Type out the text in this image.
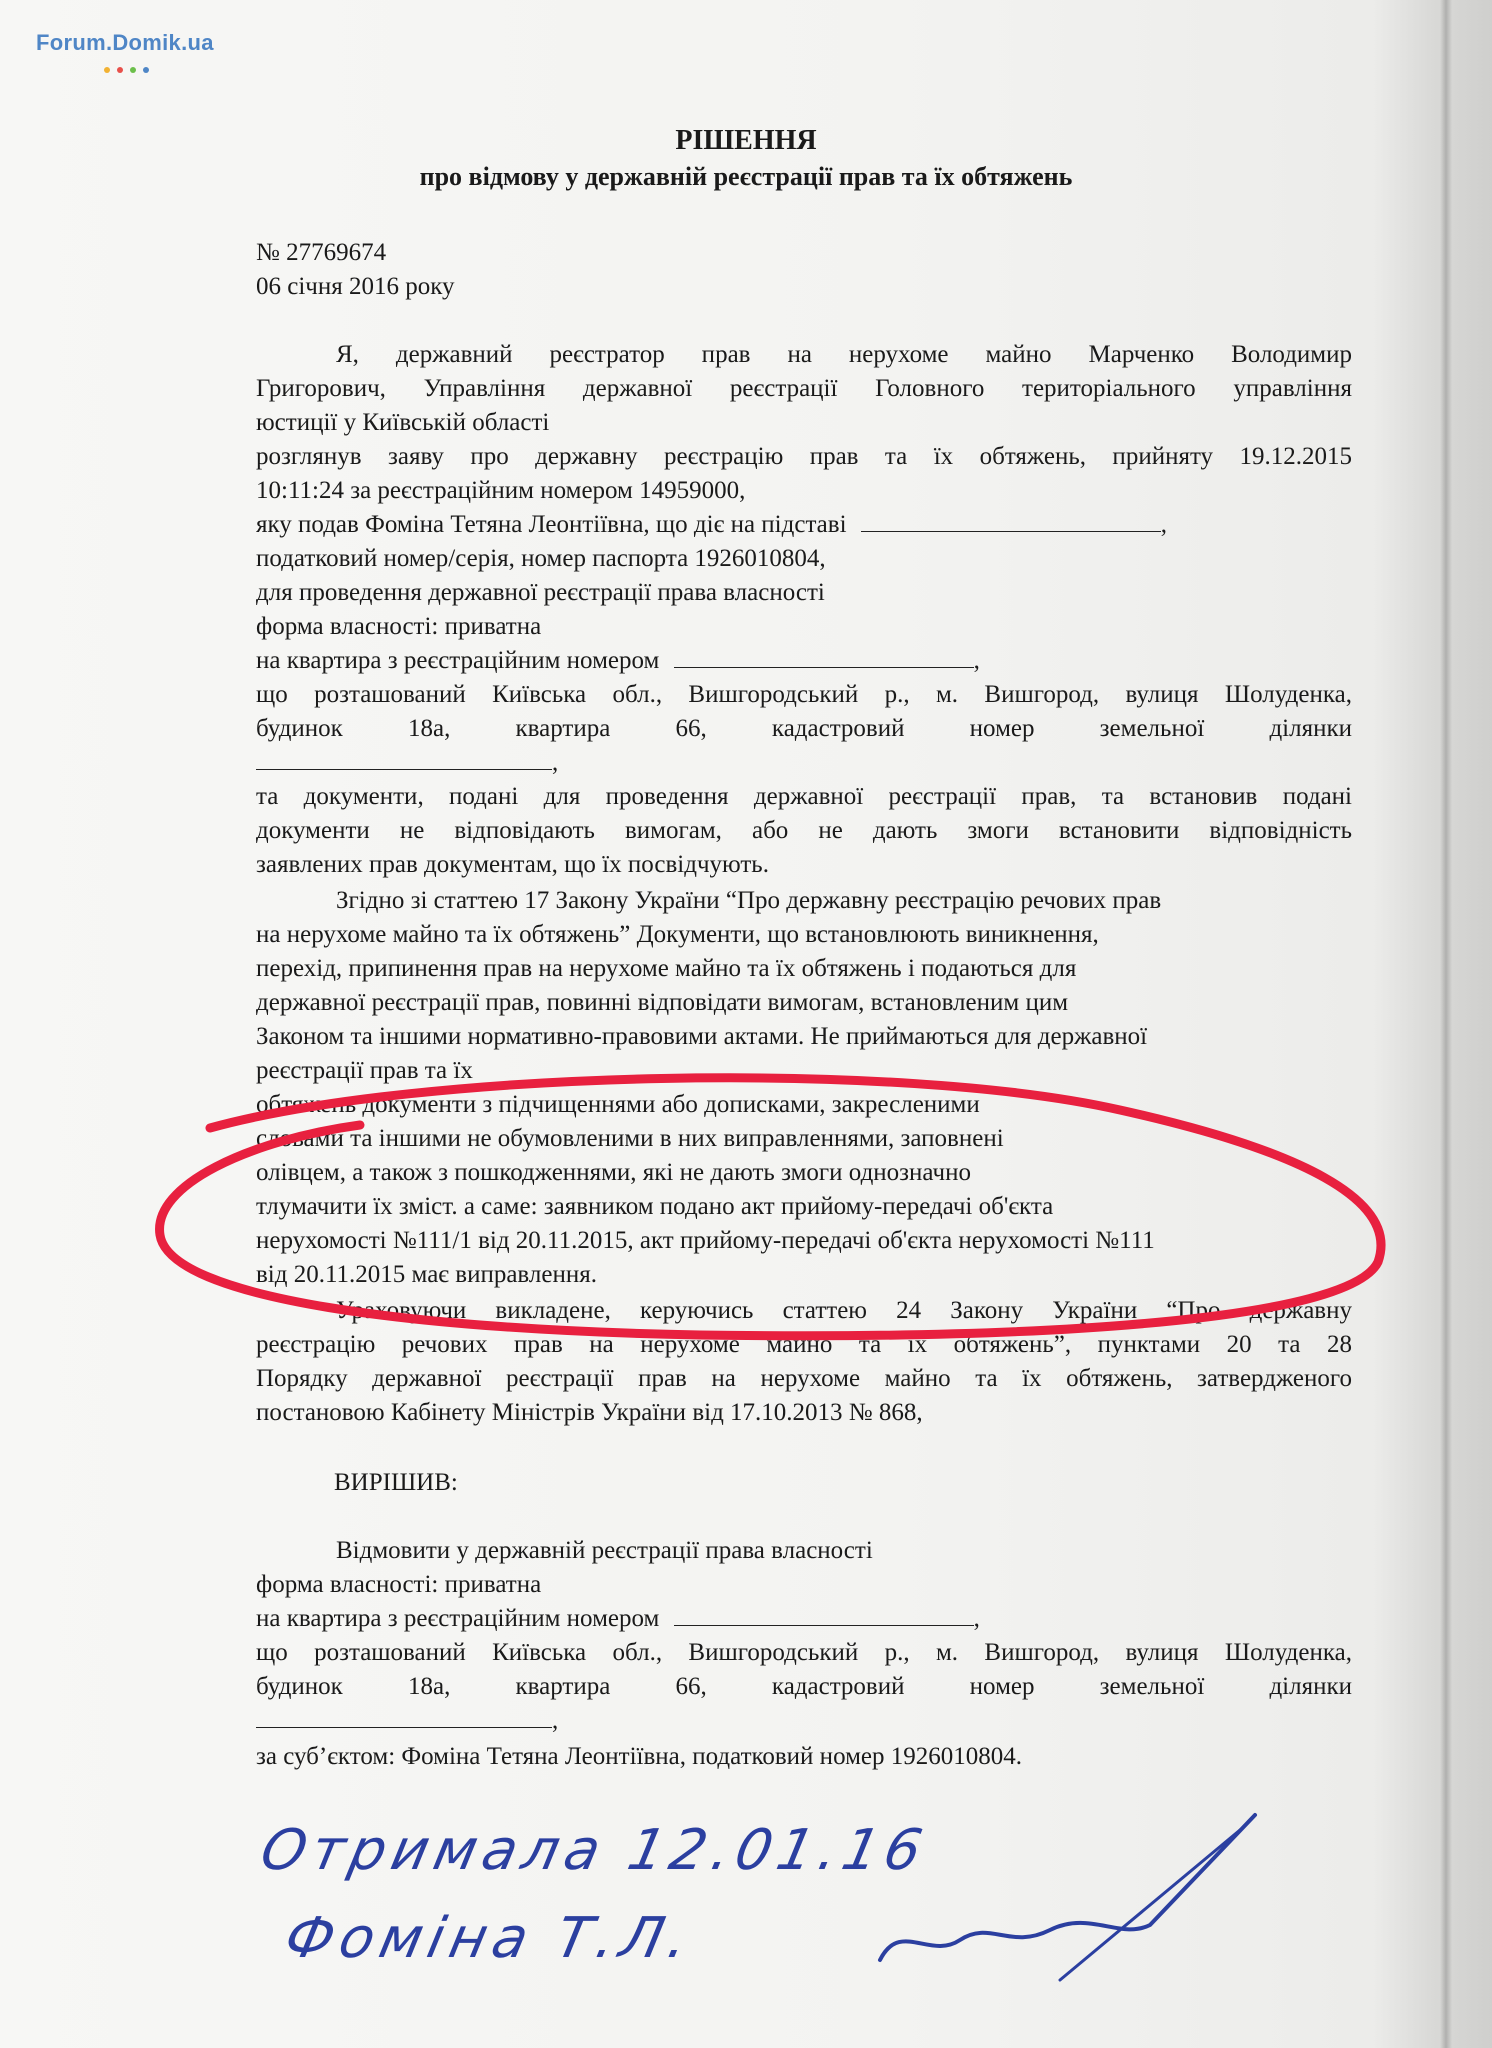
Forum.Domik.ua
РІШЕННЯ
про відмову у державній реєстрації прав та їх обтяжень
№ 27769674
06 січня 2016 року
Я, державний реєстратор прав на нерухоме майно Марченко Володимир
Григорович, Управління державної реєстрації Головного територіального управління
юстиції у Київській області
розглянув заяву про державну реєстрацію прав та їх обтяжень, прийняту 19.12.2015
10:11:24 за реєстраційним номером 14959000,
яку подав Фоміна Тетяна Леонтіївна, що діє на підставі	,
податковий номер/серія, номер паспорта 1926010804,
для проведення державної реєстрації права власності
форма власності: приватна
на квартира з реєстраційним номером	,
що розташований Київська обл., Вишгородський р., м. Вишгород, вулиця Шолуденка,
будинок 18а, квартира 66, кадастровий номер земельної ділянки
,
та документи, подані для проведення державної реєстрації прав, та встановив подані
документи не відповідають вимогам, або не дають змоги встановити відповідність
заявлених прав документам, що їх посвідчують.
Згідно зі статтею 17 Закону України “Про державну реєстрацію речових прав
на нерухоме майно та їх обтяжень” Документи, що встановлюють виникнення,
перехід, припинення прав на нерухоме майно та їх обтяжень і подаються для
державної реєстрації прав, повинні відповідати вимогам, встановленим цим
Законом та іншими нормативно-правовими актами. Не приймаються для державної
реєстрації прав та їх
обтяжень документи з підчищеннями або дописками, закресленими
словами та іншими не обумовленими в них виправленнями, заповнені
олівцем, а також з пошкодженнями, які не дають змоги однозначно
тлумачити їх зміст. а саме: заявником подано акт прийому-передачі об'єкта
нерухомості №111/1 від 20.11.2015, акт прийому-передачі об'єкта нерухомості №111
від 20.11.2015 має виправлення.
Ураховуючи викладене, керуючись статтею 24 Закону України “Про державну
реєстрацію речових прав на нерухоме майно та їх обтяжень”, пунктами 20 та 28
Порядку державної реєстрації прав на нерухоме майно та їх обтяжень, затвердженого
постановою Кабінету Міністрів України від 17.10.2013 № 868,
ВИРІШИВ:
Відмовити у державній реєстрації права власності
форма власності: приватна
на квартира з реєстраційним номером	,
що розташований Київська обл., Вишгородський р., м. Вишгород, вулиця Шолуденка,
будинок 18а, квартира 66, кадастровий номер земельної ділянки
,
за суб’єктом: Фоміна Тетяна Леонтіївна, податковий номер 1926010804.
Отримала 12.01.16
Фоміна Т.Л.
